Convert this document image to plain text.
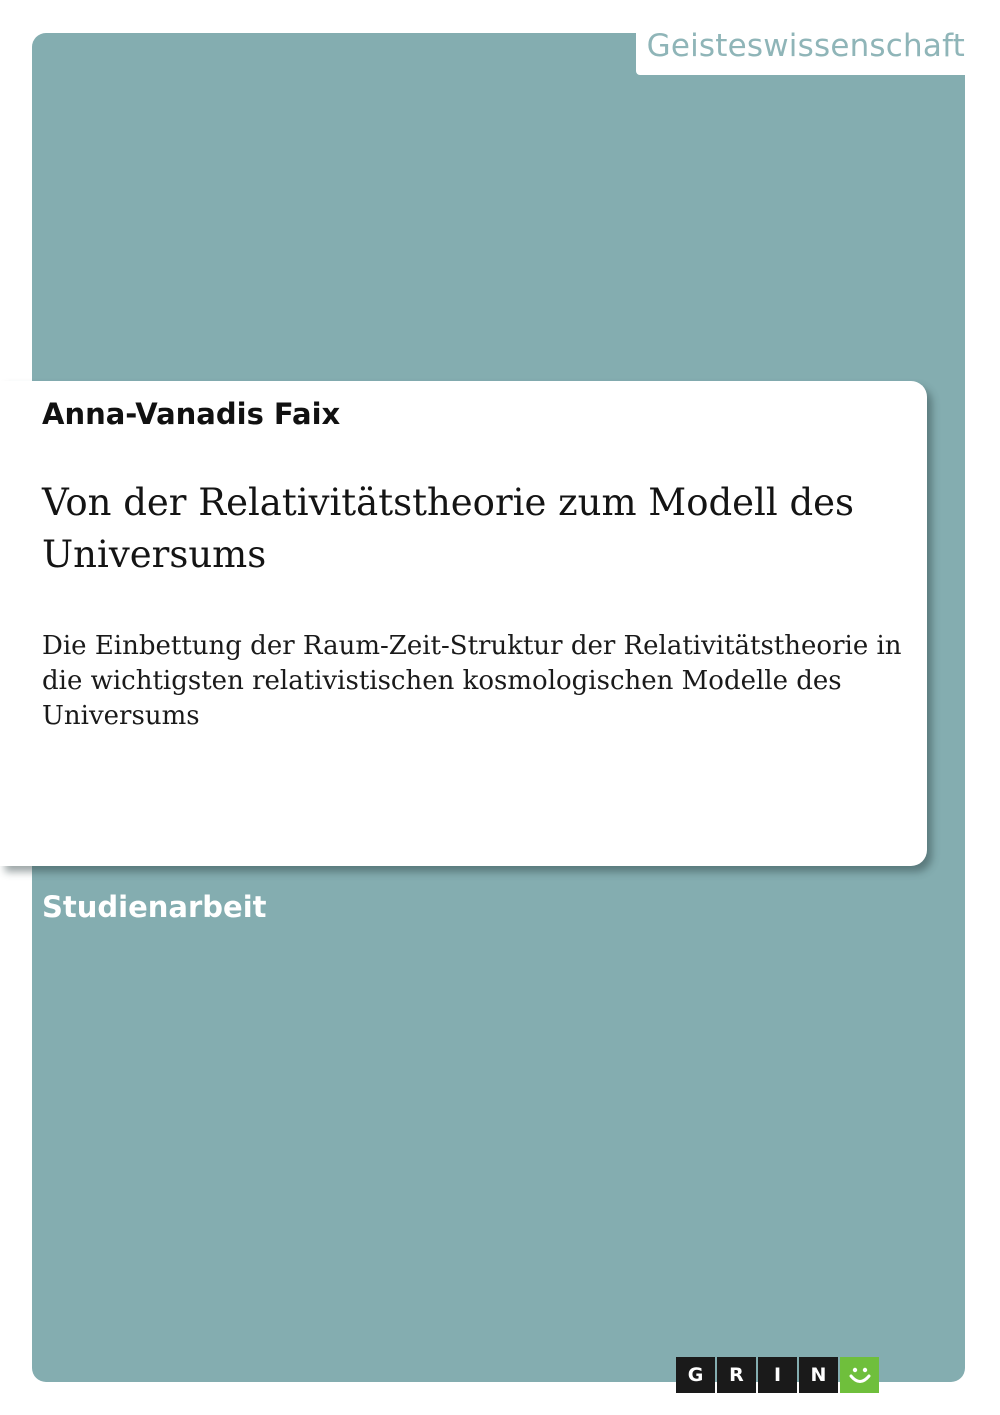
Geisteswissenschaft
Anna-Vanadis Faix
Von der Relativitätstheorie zum Modell des Universums

Die Einbettung der Raum-Zeit-Struktur der Relativitätstheorie in die wichtigsten relativistischen kosmologischen Modelle des Universums

Studienarbeit
G	R	I	N
